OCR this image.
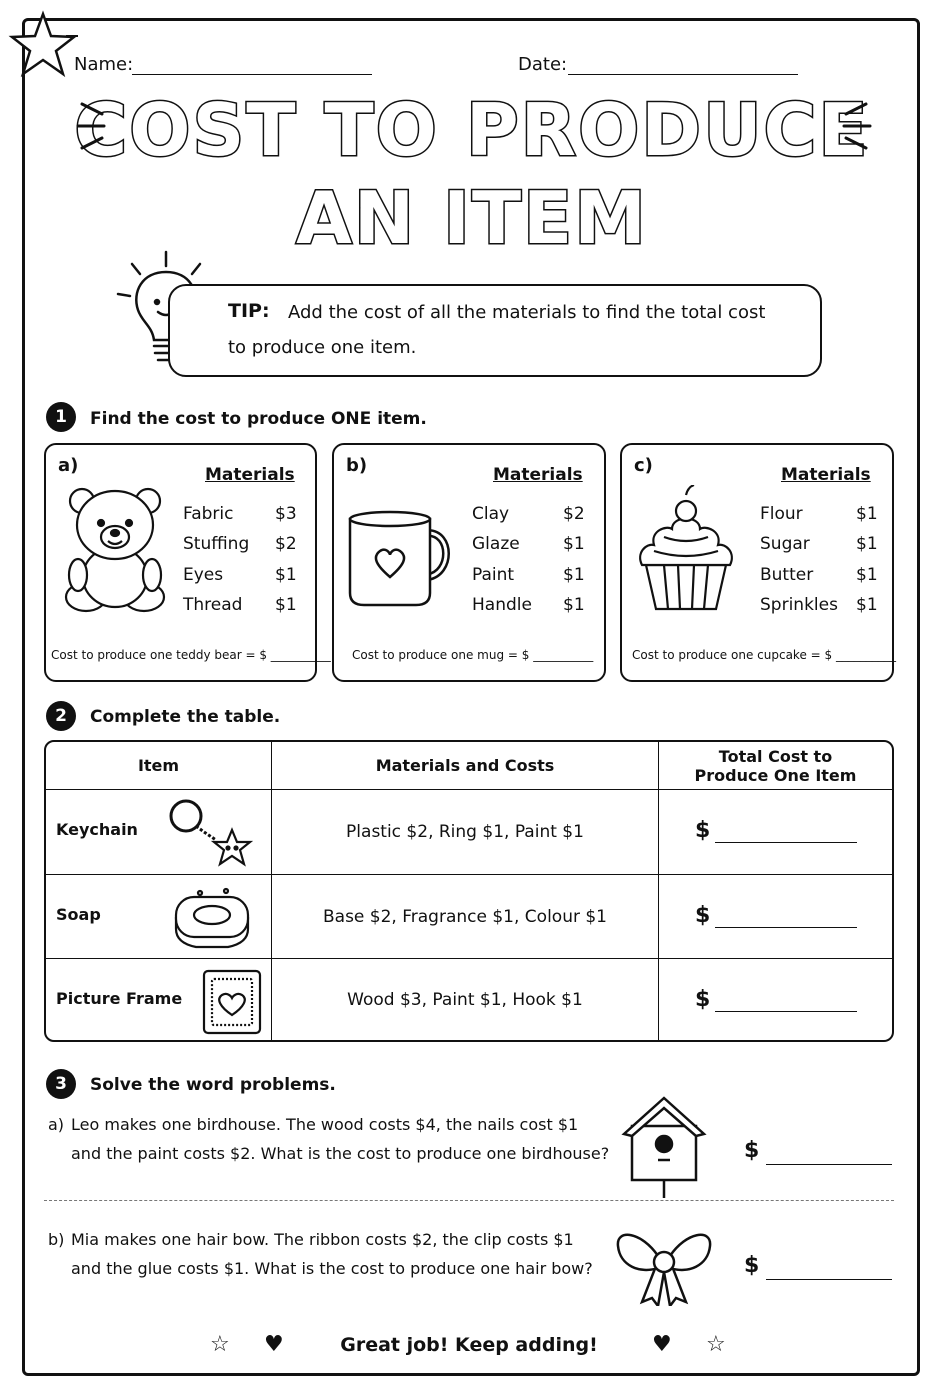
Name:	Date:
COST TO PRODUCE
AN ITEM
TIP: Add the cost of all the materials to find the total cost
to produce one item.
1	Find the cost to produce ONE item.
a)	Materials
Fabric $3
Stuffing $2
Eyes	$1
Thread $1
Cost to produce one teddy bear = $ __________
b)	Materials
Clay	$2
Glaze	$1
Paint	$1
Handle $1
Cost to produce one mug = $ __________
c)	Materials
Flour	$1
Sugar	$1
Butter	$1
Sprinkles $1
Cost to produce one cupcake = $ __________
2	Complete the table.
Item	Materials and Costs	Total Cost to
Produce One Item

Keychain	Plastic $2, Ring $1, Paint $1	$

Soap	Base $2, Fragrance $1, Colour $1	$

Picture Frame	Wood $3, Paint $1, Hook $1	$
3	Solve the word problems.
a) Leo makes one birdhouse. The wood costs $4, the nails cost $1
and the paint costs $2. What is the cost to produce one birdhouse?	$
b) Mia makes one hair bow. The ribbon costs $2, the clip costs $1
and the glue costs $1. What is the cost to produce one hair bow?	$
☆ ♥	Great job! Keep adding!	♥ ☆
